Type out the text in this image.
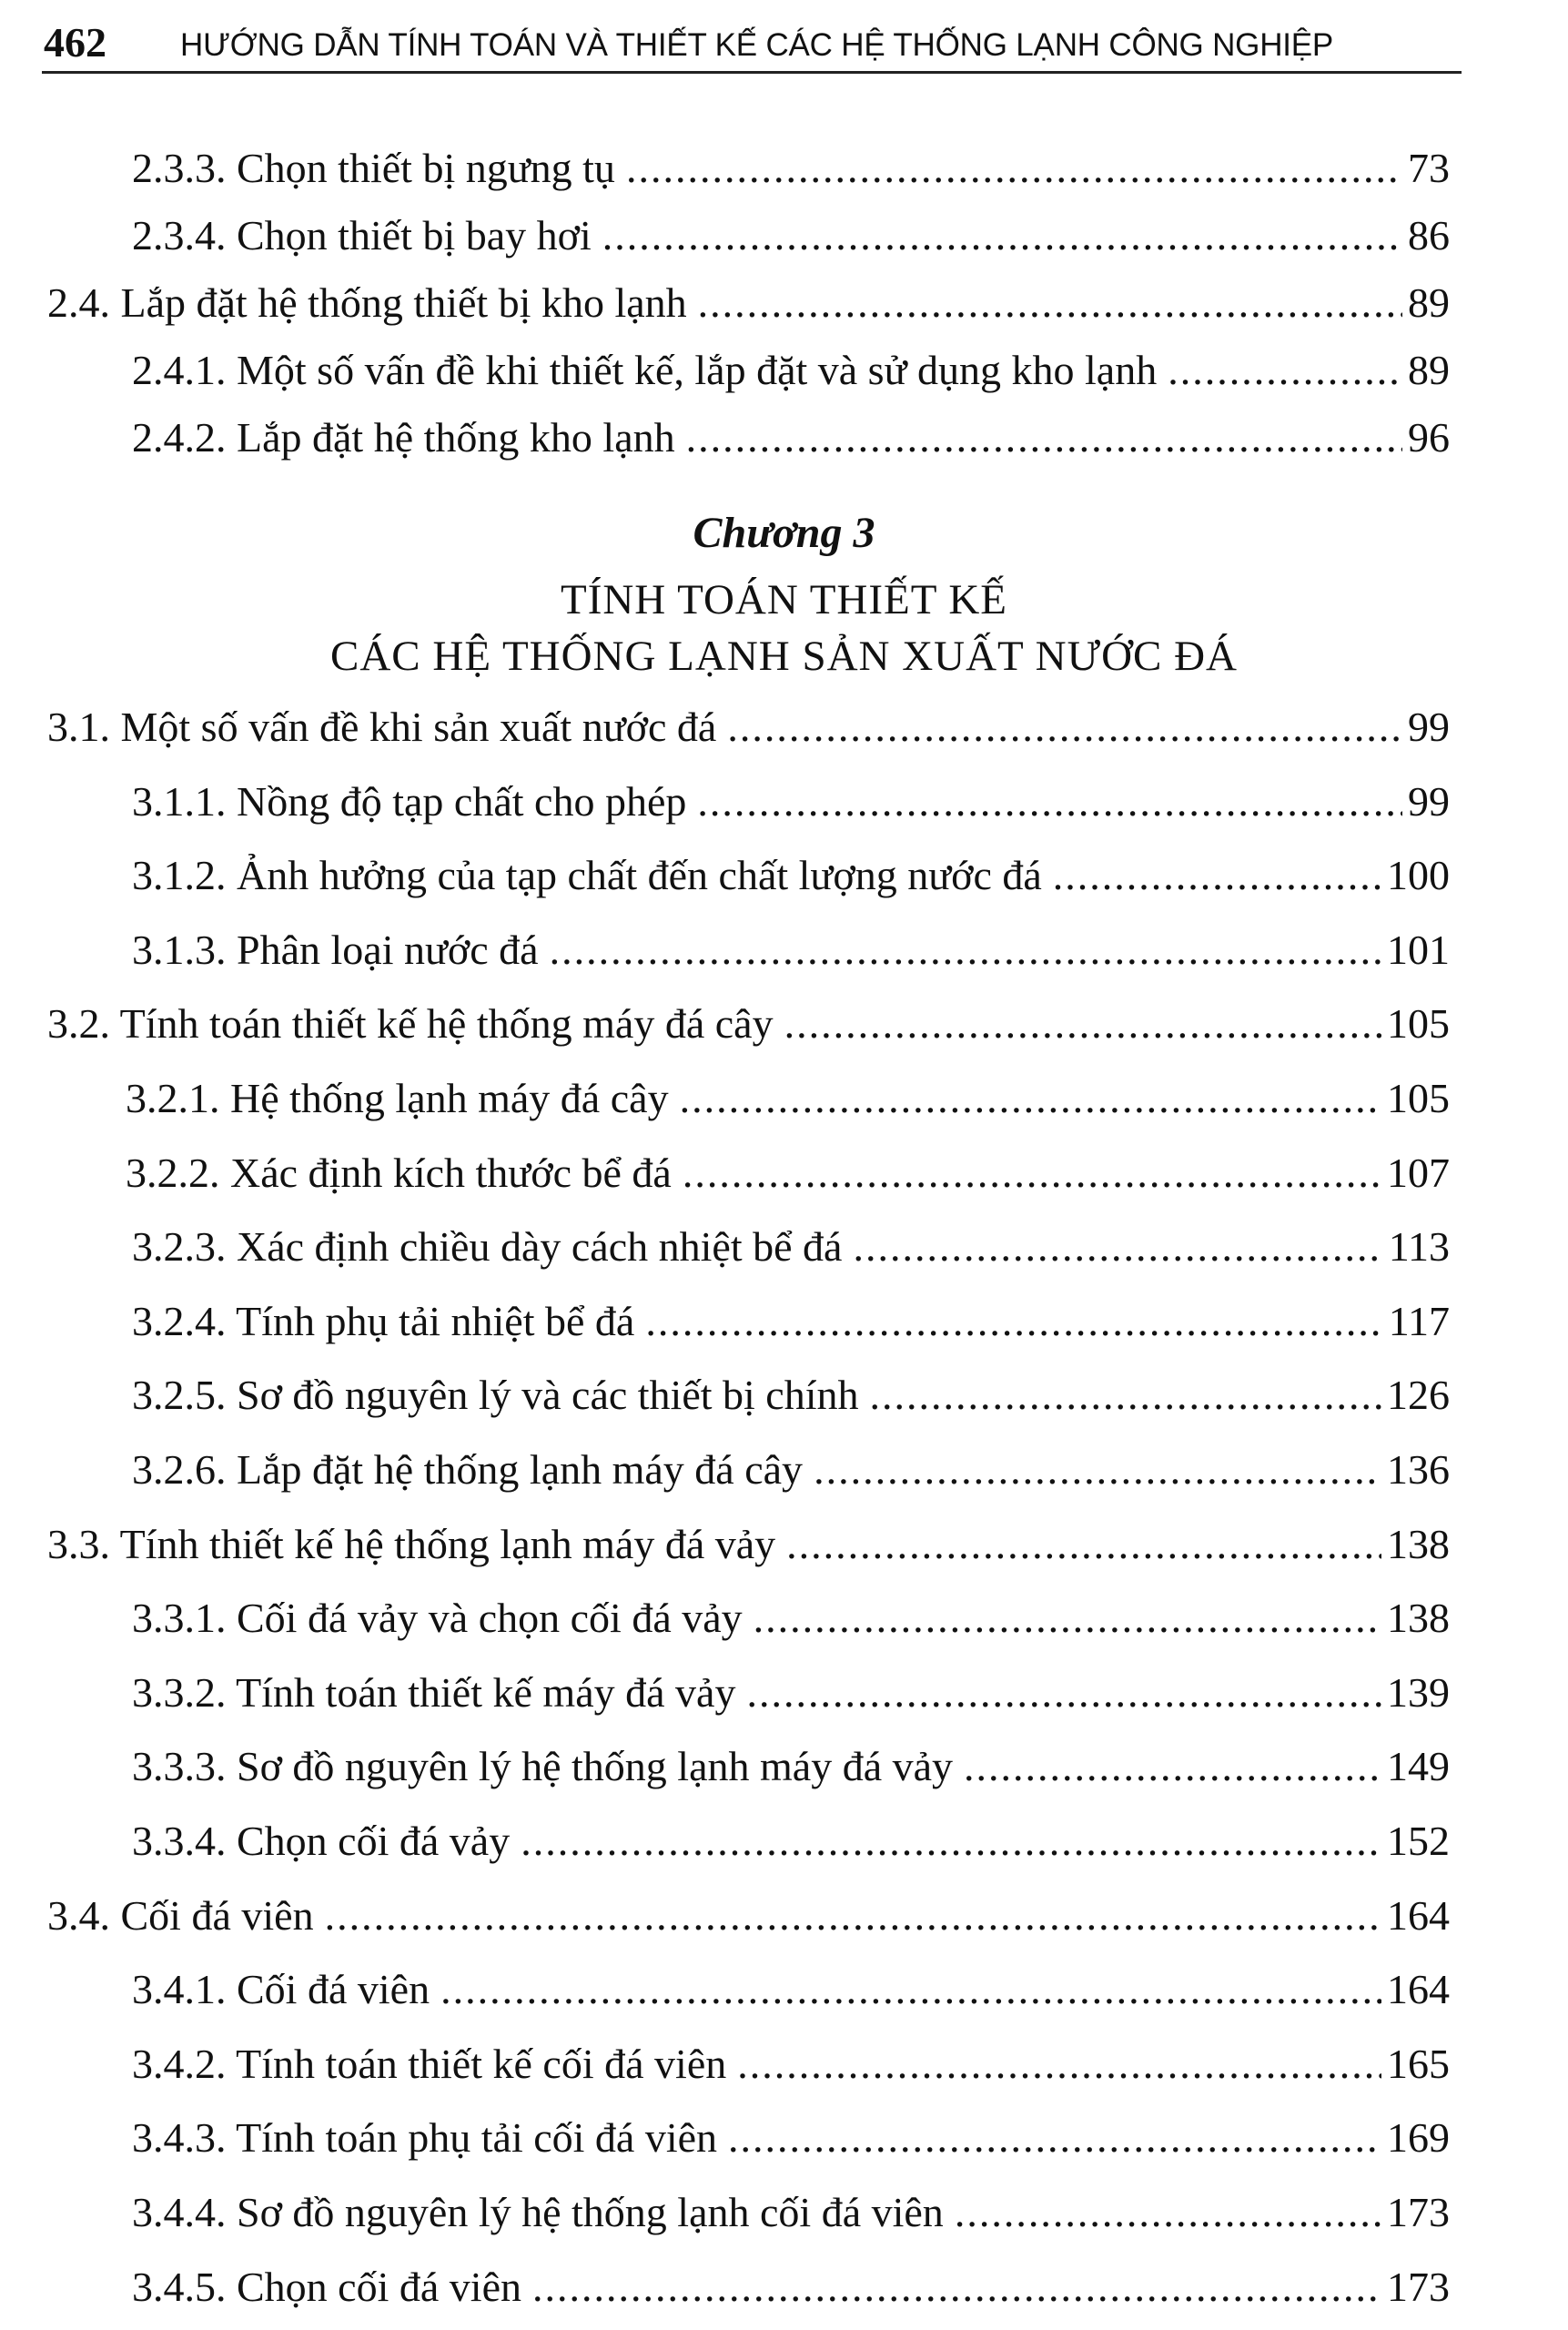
462 HƯỚNG DẪN TÍNH TOÁN VÀ THIẾT KẾ CÁC HỆ THỐNG LẠNH CÔNG NGHIỆP
Chương 3
TÍNH TOÁN THIẾT KẾ
CÁC HỆ THỐNG LẠNH SẢN XUẤT NƯỚC ĐÁ
2.3.3. Chọn thiết bị ngưng tụ .....	73
2.3.4. Chọn thiết bị bay hơi .....	86
2.4. Lắp đặt hệ thống thiết bị kho lạnh .....	89
2.4.1. Một số vấn đề khi thiết kế, lắp đặt và sử dụng kho lạnh .....	89
2.4.2. Lắp đặt hệ thống kho lạnh .....	96
3.1. Một số vấn đề khi sản xuất nước đá .....	99
3.1.1. Nồng độ tạp chất cho phép .....	99
3.1.2. Ảnh hưởng của tạp chất đến chất lượng nước đá .....	100
3.1.3. Phân loại nước đá .....	101
3.2. Tính toán thiết kế hệ thống máy đá cây .....	105
3.2.1. Hệ thống lạnh máy đá cây .....	105
3.2.2. Xác định kích thước bể đá .....	107
3.2.3. Xác định chiều dày cách nhiệt bể đá .....	113
3.2.4. Tính phụ tải nhiệt bể đá .....	117
3.2.5. Sơ đồ nguyên lý và các thiết bị chính .....	126
3.2.6. Lắp đặt hệ thống lạnh máy đá cây .....	136
3.3. Tính thiết kế hệ thống lạnh máy đá vảy .....	138
3.3.1. Cối đá vảy và chọn cối đá vảy .....	138
3.3.2. Tính toán thiết kế máy đá vảy .....	139
3.3.3. Sơ đồ nguyên lý hệ thống lạnh máy đá vảy .....	149
3.3.4. Chọn cối đá vảy .....	152
3.4. Cối đá viên .....	164
3.4.1. Cối đá viên .....	164
3.4.2. Tính toán thiết kế cối đá viên .....	165
3.4.3. Tính toán phụ tải cối đá viên .....	169
3.4.4. Sơ đồ nguyên lý hệ thống lạnh cối đá viên .....	173
3.4.5. Chọn cối đá viên .....	173
